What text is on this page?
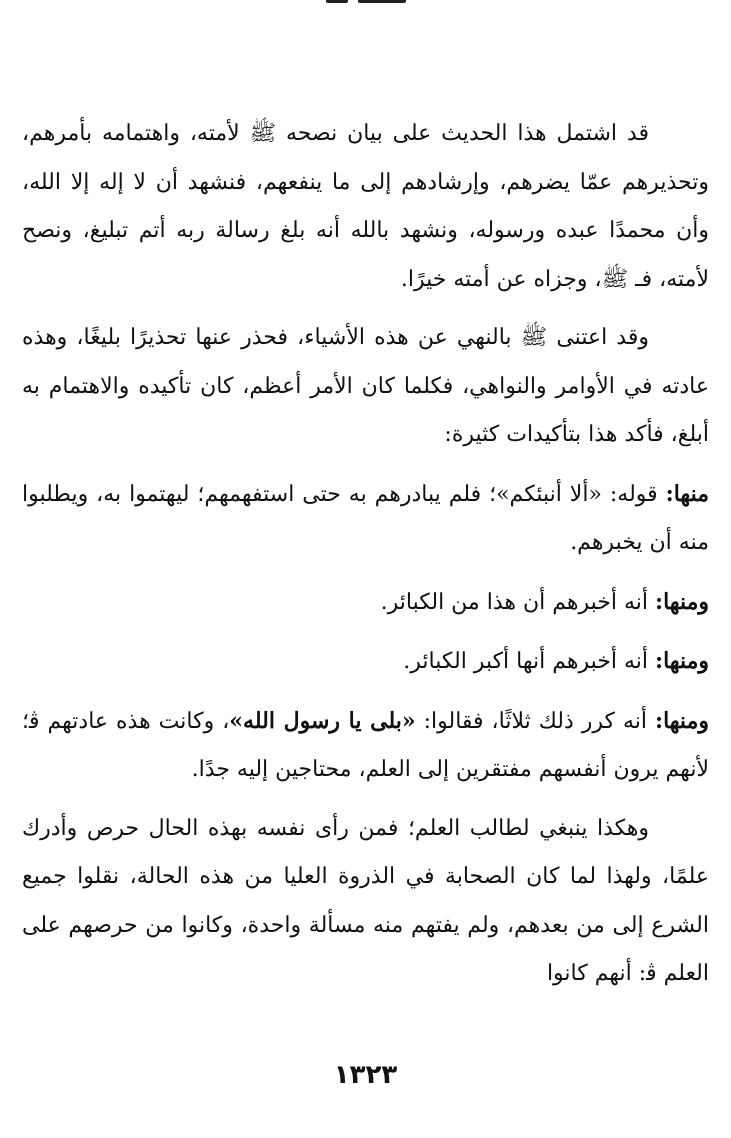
قد اشتمل هذا الحديث على بيان نصحه ﷺ لأمته، واهتمامه بأمرهم، وتحذيرهم عمّا يضرهم، وإرشادهم إلى ما ينفعهم، فنشهد أن لا إله إلا الله، وأن محمدًا عبده ورسوله، ونشهد بالله أنه بلغ رسالة ربه أتم تبليغ، ونصح لأمته، فـ ﷺ، وجزاه عن أمته خيرًا.

وقد اعتنى ﷺ بالنهي عن هذه الأشياء، فحذر عنها تحذيرًا بليغًا، وهذه عادته في الأوامر والنواهي، فكلما كان الأمر أعظم، كان تأكيده والاهتمام به أبلغ، فأكد هذا بتأكيدات كثيرة:

منها: قوله: «ألا أنبئكم»؛ فلم يبادرهم به حتى استفهمهم؛ ليهتموا به، ويطلبوا منه أن يخبرهم.

ومنها: أنه أخبرهم أن هذا من الكبائر.

ومنها: أنه أخبرهم أنها أكبر الكبائر.

ومنها: أنه كرر ذلك ثلاثًا، فقالوا: «بلى يا رسول الله»، وكانت هذه عادتهم ﭬ؛ لأنهم يرون أنفسهم مفتقرين إلى العلم، محتاجين إليه جدًا.

وهكذا ينبغي لطالب العلم؛ فمن رأى نفسه بهذه الحال حرص وأدرك علمًا، ولهذا لما كان الصحابة في الذروة العليا من هذه الحالة، نقلوا جميع الشرع إلى من بعدهم، ولم يفتهم منه مسألة واحدة، وكانوا من حرصهم على العلم ﭬ: أنهم كانوا

١٣٢٣
